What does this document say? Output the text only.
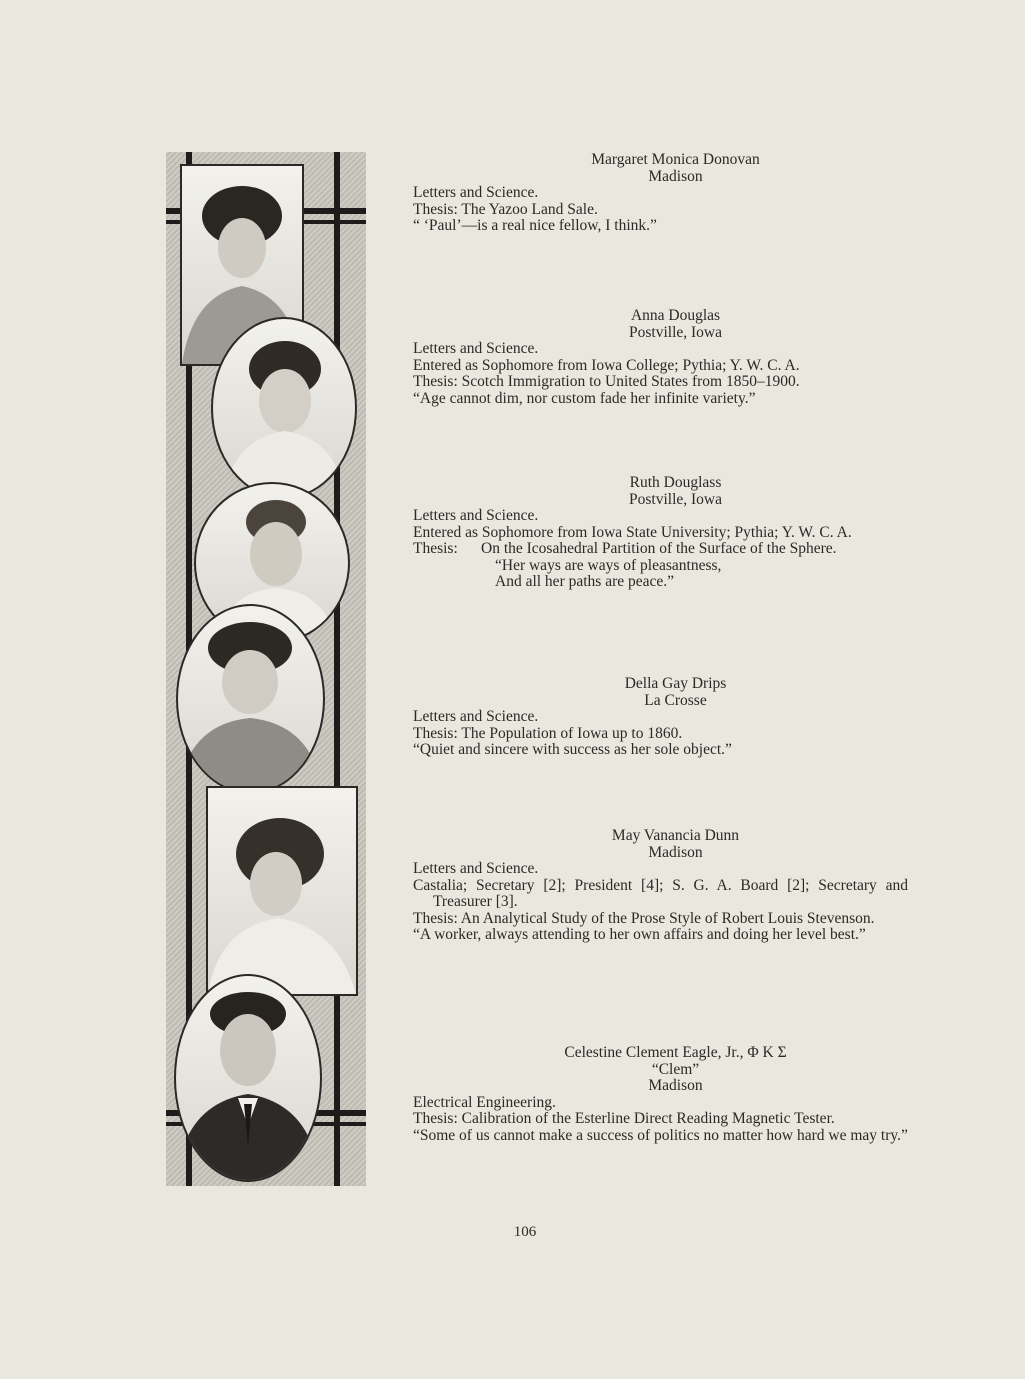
Margaret Monica Donovan
Madison
Letters and Science.
Thesis: The Yazoo Land Sale.
“ ‘Paul’—is a real nice fellow, I think.”
Anna Douglas
Postville, Iowa
Letters and Science.
Entered as Sophomore from Iowa College; Pythia; Y. W. C. A.
Thesis: Scotch Immigration to United States from 1850–1900.
“Age cannot dim, nor custom fade her infinite variety.”
Ruth Douglass
Postville, Iowa
Letters and Science.
Entered as Sophomore from Iowa State University; Pythia; Y. W. C. A.
Thesis:	On the Icosahedral Partition of the Surface of the Sphere.
“Her ways are ways of pleasantness,
And all her paths are peace.”
Della Gay Drips
La Crosse
Letters and Science.
Thesis: The Population of Iowa up to 1860.
“Quiet and sincere with success as her sole object.”
May Vanancia Dunn
Madison
Letters and Science.
Castalia; Secretary [2]; President [4]; S. G. A. Board [2]; Secretary and Treasurer [3].
Thesis: An Analytical Study of the Prose Style of Robert Louis Stevenson.
“A worker, always attending to her own affairs and doing her level best.”
Celestine Clement Eagle, Jr., Φ K Σ
“Clem”
Madison
Electrical Engineering.
Thesis: Calibration of the Esterline Direct Reading Magnetic Tester.
“Some of us cannot make a success of politics no matter how hard we may try.”
106
